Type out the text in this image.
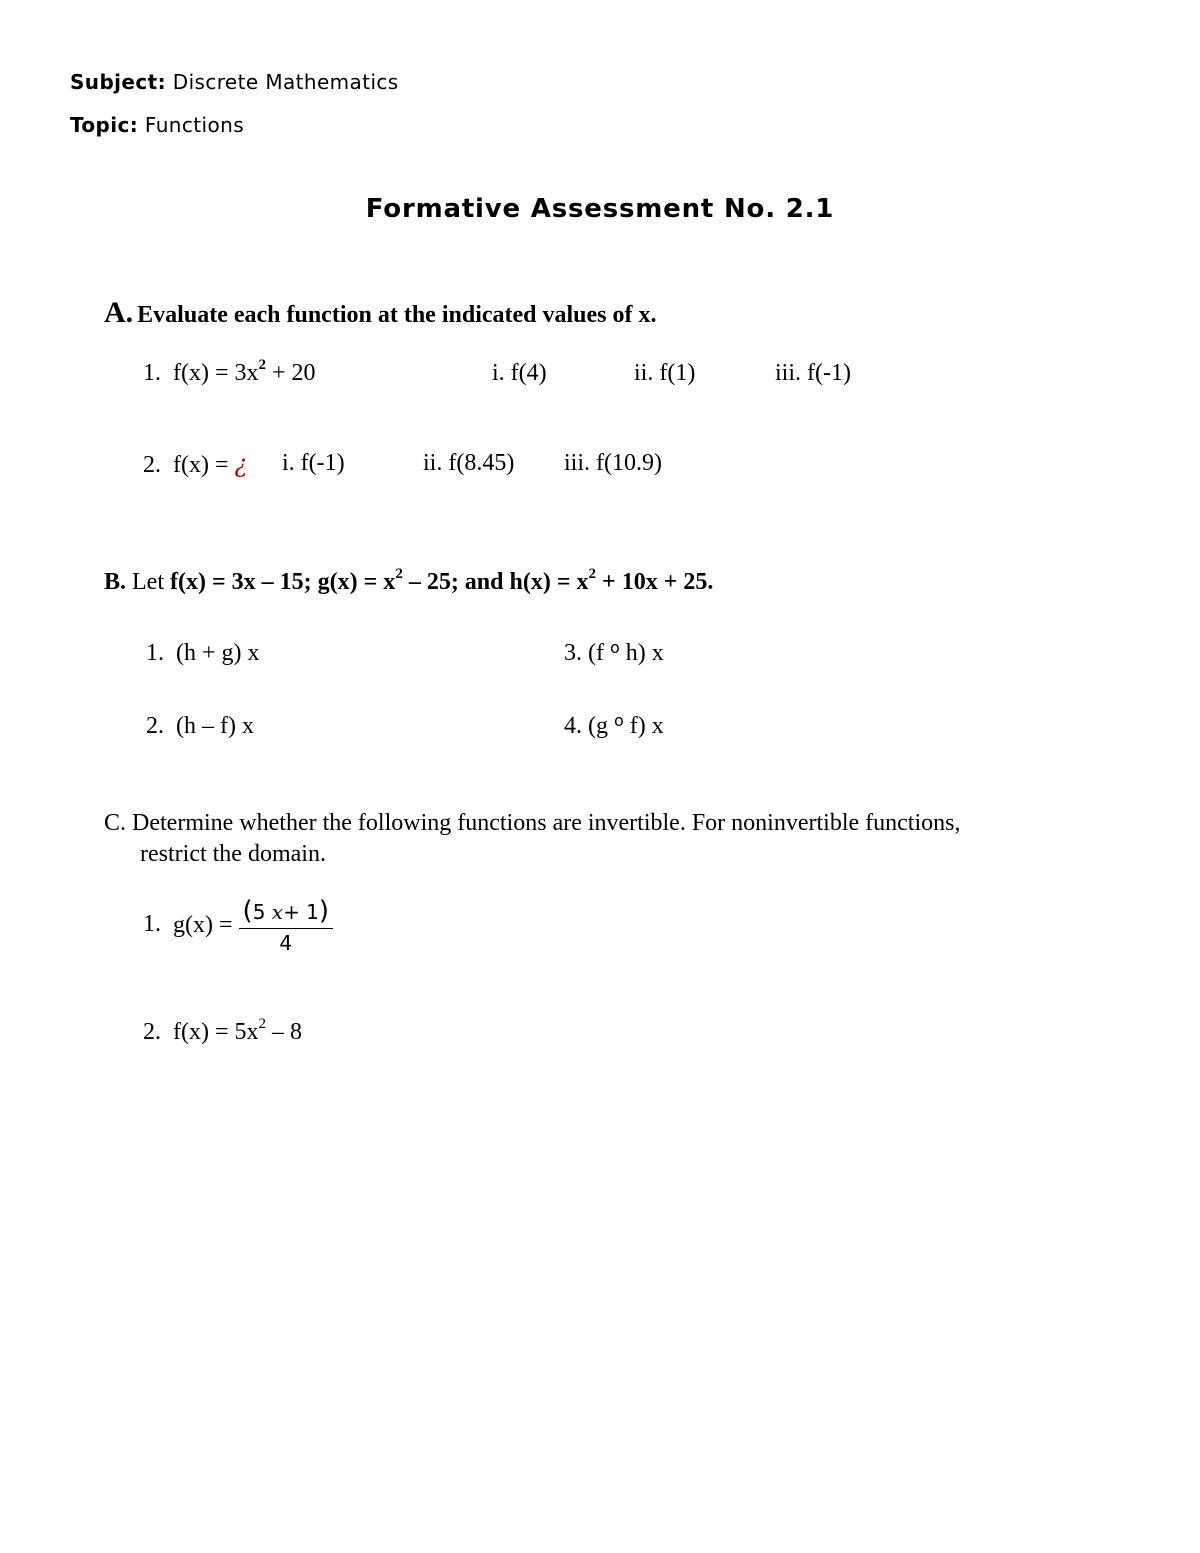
Subject: Discrete Mathematics
Topic: Functions
Formative Assessment No. 2.1
A. Evaluate each function at the indicated values of x.
1. $f(x) = 3x^2 + 20$	i. f(4)	ii. f(1)	iii. f(-1)
2. f(x) = ¿ i. f(-1)	ii. f(8.45) iii. f(10.9)
B. Let f(x) = 3x – 15; $g(x) = x^2 - 25$; and $h(x) = x^2 + 10x + 25$.
1. (h + g) x
2. (h – f) x
3. (f $^o$ h) x
4. (g $^o$ f) x
C. Determine whether the following functions are invertible. For noninvertible functions,
restrict the domain.
1. $g(x) = \frac{(5 x+ 1)}{4}$
2. $f(x) = 5x^2 - 8$
